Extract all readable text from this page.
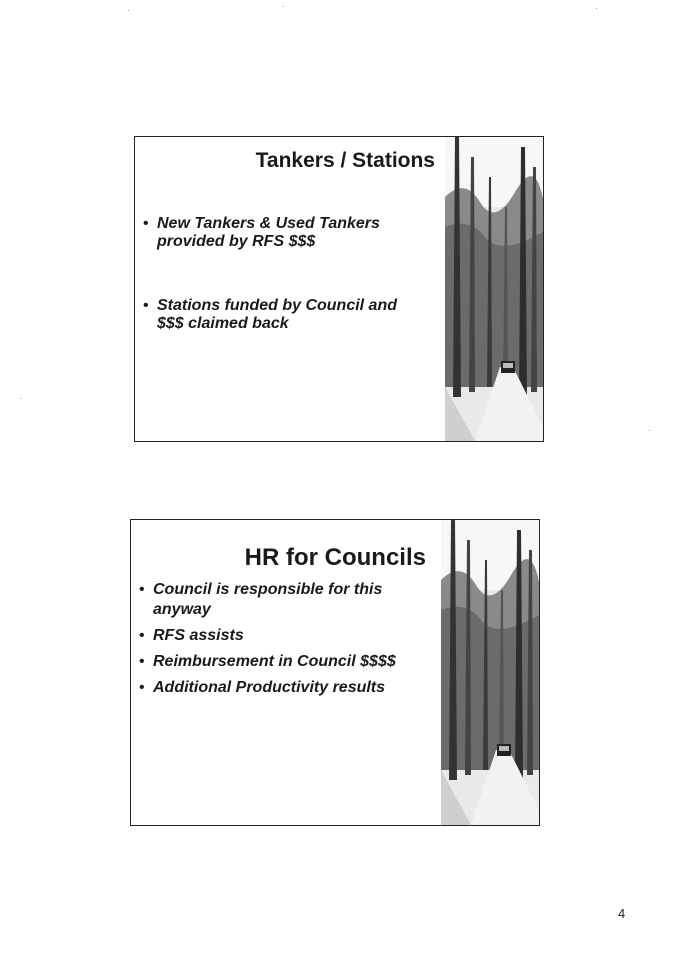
Tankers / Stations
• New Tankers & Used Tankers provided by RFS $$$
• Stations funded by Council and $$$ claimed back
HR for Councils
• Council is responsible for this anyway
• RFS assists
• Reimbursement in Council $$$$
• Additional Productivity results
4
